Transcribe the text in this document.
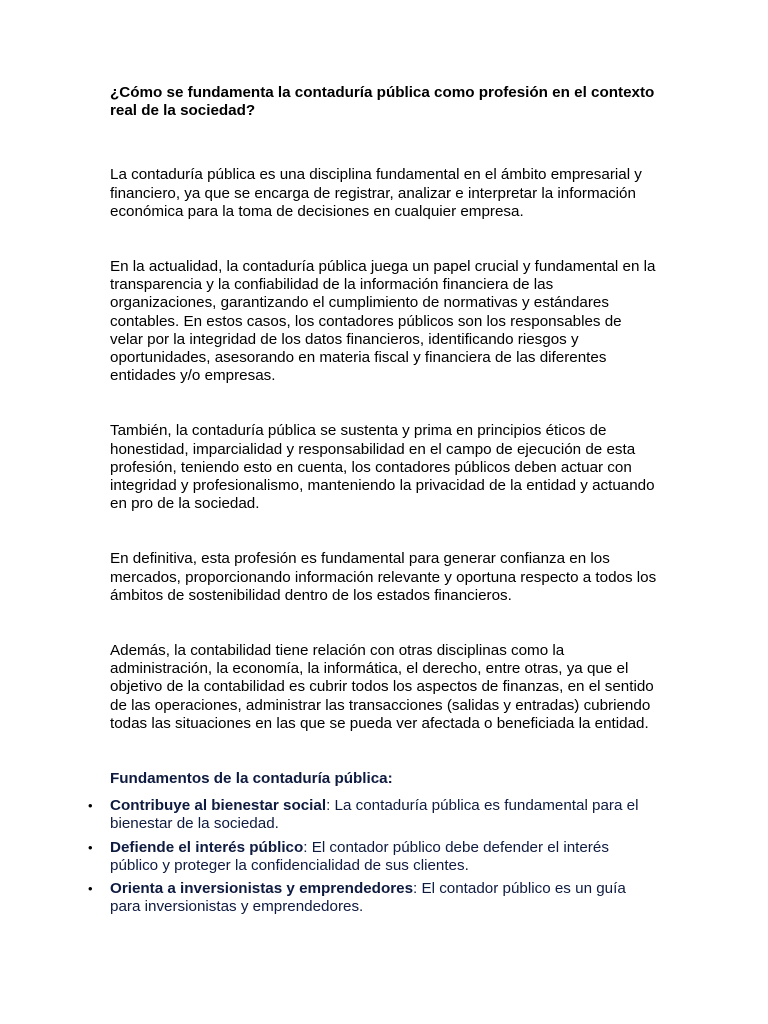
¿Cómo se fundamenta la contaduría pública como profesión en el contexto real de la sociedad?

La contaduría pública es una disciplina fundamental en el ámbito empresarial y financiero, ya que se encarga de registrar, analizar e interpretar la información económica para la toma de decisiones en cualquier empresa.

En la actualidad, la contaduría pública juega un papel crucial y fundamental en la transparencia y la confiabilidad de la información financiera de las organizaciones, garantizando el cumplimiento de normativas y estándares contables. En estos casos, los contadores públicos son los responsables de velar por la integridad de los datos financieros, identificando riesgos y oportunidades, asesorando en materia fiscal y financiera de las diferentes entidades y/o empresas.

También, la contaduría pública se sustenta y prima en principios éticos de honestidad, imparcialidad y responsabilidad en el campo de ejecución de esta profesión, teniendo esto en cuenta, los contadores públicos deben actuar con integridad y profesionalismo, manteniendo la privacidad de la entidad y actuando en pro de la sociedad.

En definitiva, esta profesión es fundamental para generar confianza en los mercados, proporcionando información relevante y oportuna respecto a todos los ámbitos de sostenibilidad dentro de los estados financieros.

Además, la contabilidad tiene relación con otras disciplinas como la administración, la economía, la informática, el derecho, entre otras, ya que el objetivo de la contabilidad es cubrir todos los aspectos de finanzas, en el sentido de las operaciones, administrar las transacciones (salidas y entradas) cubriendo todas las situaciones en las que se pueda ver afectada o beneficiada la entidad.

Fundamentos de la contaduría pública:

• Contribuye al bienestar social: La contaduría pública es fundamental para el bienestar de la sociedad.
• Defiende el interés público: El contador público debe defender el interés público y proteger la confidencialidad de sus clientes.
• Orienta a inversionistas y emprendedores: El contador público es un guía para inversionistas y emprendedores.
